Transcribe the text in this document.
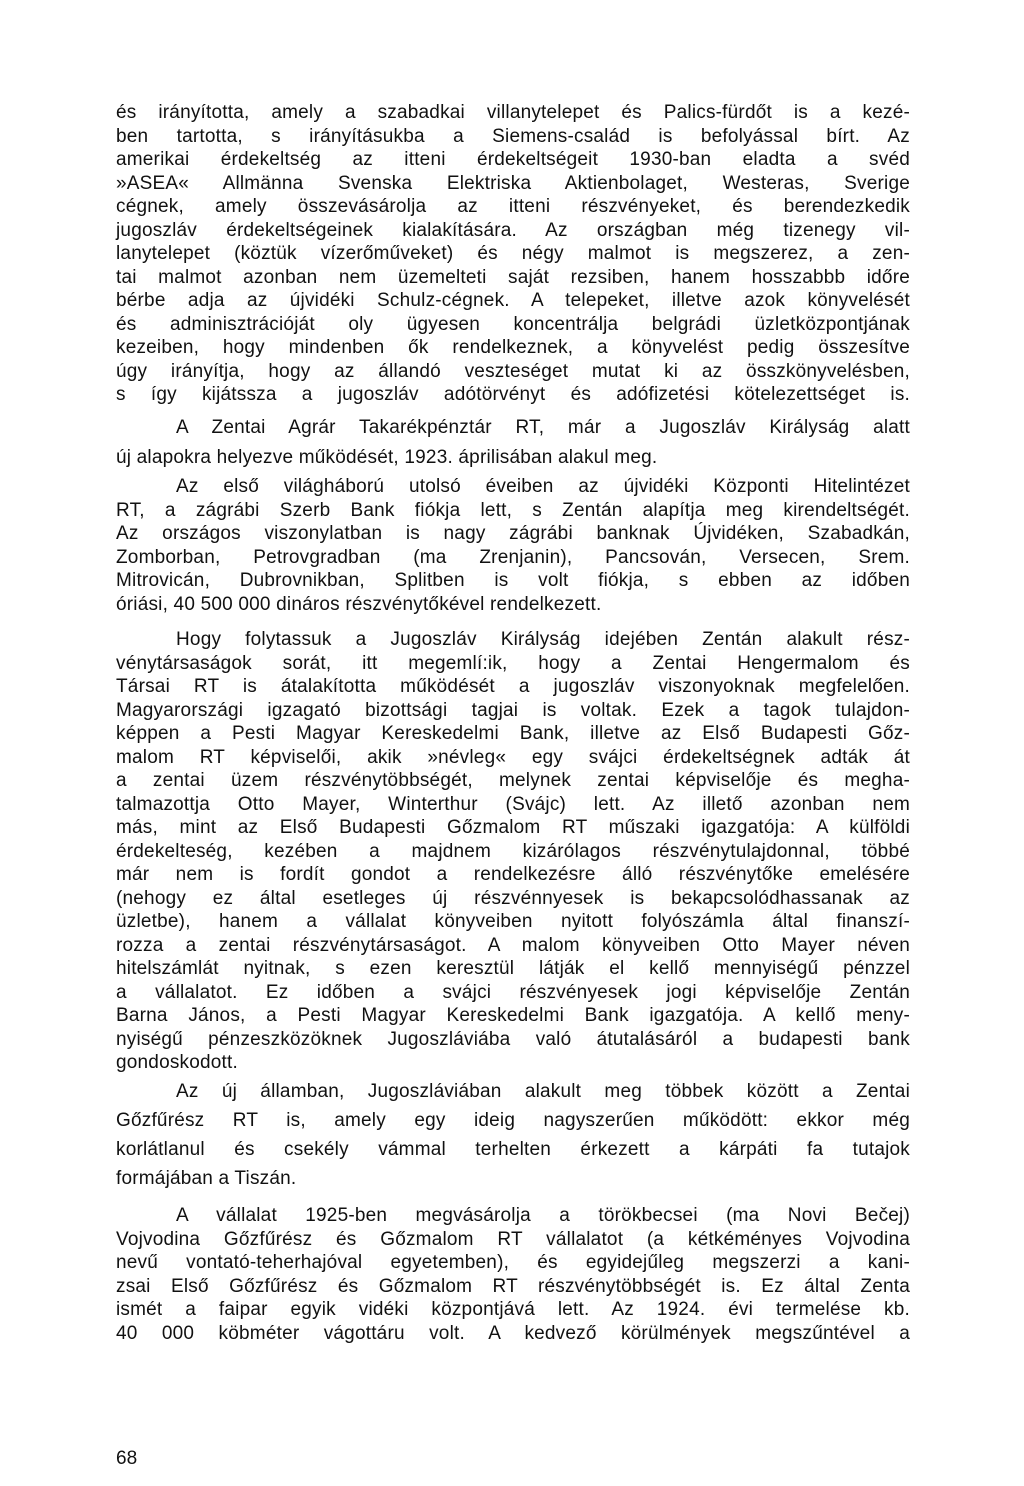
és irányította, amely a szabadkai villanytelepet és Palics-fürdőt is a kezé-
ben tartotta, s irányításukba a Siemens-család is befolyással bírt. Az
amerikai érdekeltség az itteni érdekeltségeit 1930-ban eladta a svéd
»ASEA« Allmänna Svenska Elektriska Aktienbolaget, Westeras, Sverige
cégnek, amely összevásárolja az itteni részvényeket, és berendezkedik
jugoszláv érdekeltségeinek kialakítására. Az országban még tizenegy vil-
lanytelepet (köztük vízerőműveket) és négy malmot is megszerez, a zen-
tai malmot azonban nem üzemelteti saját rezsiben, hanem hosszabbb időre
bérbe adja az újvidéki Schulz-cégnek. A telepeket, illetve azok könyvelését
és adminisztrációját oly ügyesen koncentrálja belgrádi üzletközpontjának
kezeiben, hogy mindenben ők rendelkeznek, a könyvelést pedig összesítve
úgy irányítja, hogy az állandó veszteséget mutat ki az összkönyvelésben,
s így kijátssza a jugoszláv adótörvényt és adófizetési kötelezettséget is.
A Zentai Agrár Takarékpénztár RT, már a Jugoszláv Királyság alatt
új alapokra helyezve működését, 1923. áprilisában alakul meg.
Az első világháború utolsó éveiben az újvidéki Központi Hitelintézet
RT, a zágrábi Szerb Bank fiókja lett, s Zentán alapítja meg kirendeltségét.
Az országos viszonylatban is nagy zágrábi banknak Újvidéken, Szabadkán,
Zomborban, Petrovgradban (ma Zrenjanin), Pancsován, Versecen, Srem.
Mitrovicán, Dubrovnikban, Splitben is volt fiókja, s ebben az időben
óriási, 40 500 000 dináros részvénytőkével rendelkezett.
Hogy folytassuk a Jugoszláv Királyság idejében Zentán alakult rész-
vénytársaságok sorát, itt megemlí:ik, hogy a Zentai Hengermalom és
Társai RT is átalakította működését a jugoszláv viszonyoknak megfelelően.
Magyarországi igzagató bizottsági tagjai is voltak. Ezek a tagok tulajdon-
képpen a Pesti Magyar Kereskedelmi Bank, illetve az Első Budapesti Gőz-
malom RT képviselői, akik »névleg« egy svájci érdekeltségnek adták át
a zentai üzem részvénytöbbségét, melynek zentai képviselője és megha-
talmazottja Otto Mayer, Winterthur (Svájc) lett. Az illető azonban nem
más, mint az Első Budapesti Gőzmalom RT műszaki igazgatója: A külföldi
érdekelteség, kezében a majdnem kizárólagos részvénytulajdonnal, többé
már nem is fordít gondot a rendelkezésre álló részvénytőke emelésére
(nehogy ez által esetleges új részvénnyesek is bekapcsolódhassanak az
üzletbe), hanem a vállalat könyveiben nyitott folyószámla által finanszí-
rozza a zentai részvénytársaságot. A malom könyveiben Otto Mayer néven
hitelszámlát nyitnak, s ezen keresztül látják el kellő mennyiségű pénzzel
a vállalatot. Ez időben a svájci részvényesek jogi képviselője Zentán
Barna János, a Pesti Magyar Kereskedelmi Bank igazgatója. A kellő meny-
nyiségű pénzeszközöknek Jugoszláviába való átutalásáról a budapesti bank
gondoskodott.
Az új államban, Jugoszláviában alakult meg többek között a Zentai
Gőzfűrész RT is, amely egy ideig nagyszerűen működött: ekkor még
korlátlanul és csekély vámmal terhelten érkezett a kárpáti fa tutajok
formájában a Tiszán.
A vállalat 1925-ben megvásárolja a törökbecsei (ma Novi Bečej)
Vojvodina Gőzfűrész és Gőzmalom RT vállalatot (a kétkéményes Vojvodina
nevű vontató-teherhajóval egyetemben), és egyidejűleg megszerzi a kani-
zsai Első Gőzfűrész és Gőzmalom RT részvénytöbbségét is. Ez által Zenta
ismét a faipar egyik vidéki központjává lett. Az 1924. évi termelése kb.
40 000 köbméter vágottáru volt. A kedvező körülmények megszűntével a
68
